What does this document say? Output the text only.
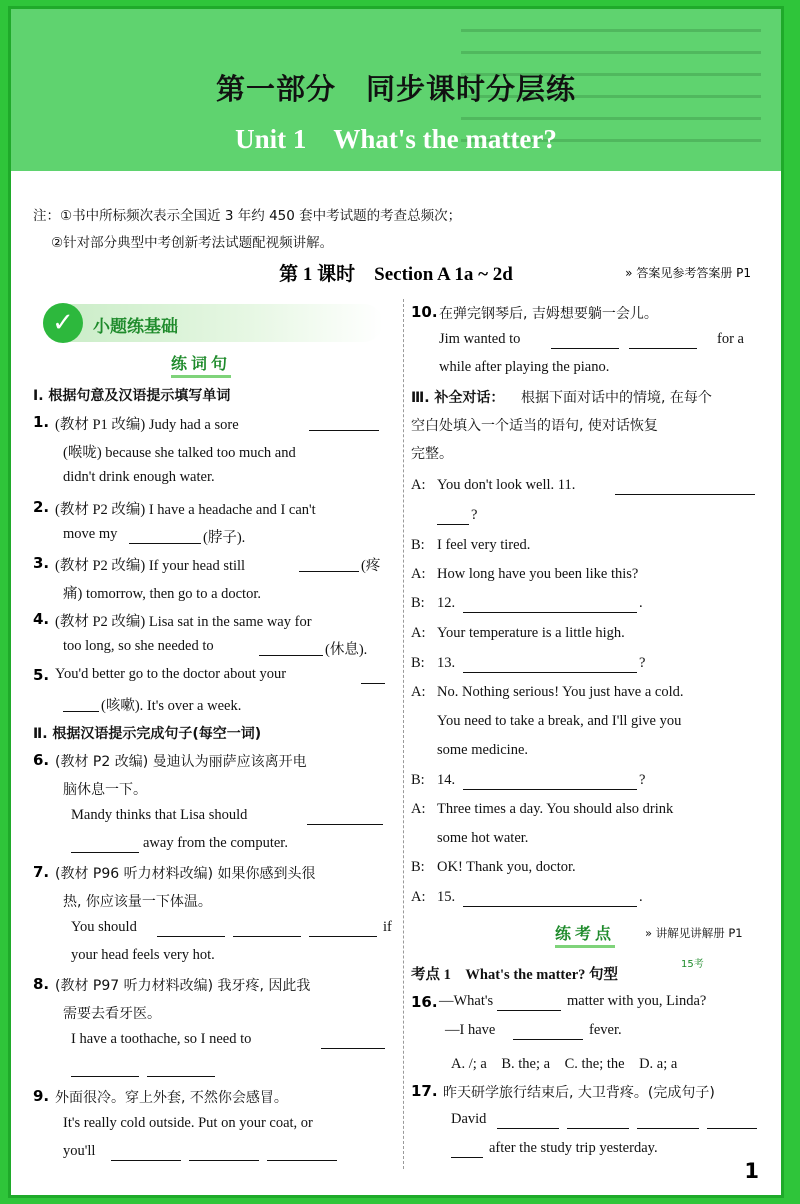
第一部分　同步课时分层练
Unit 1　What's the matter?
注：①书中所标频次表示全国近 3 年约 450 套中考试题的考查总频次；
②针对部分典型中考创新考法试题配视频讲解。
第 1 课时　Section A 1a ~ 2d	» 答案见参考答案册 P1
✓	小题练基础
练词句
Ⅰ. 根据句意及汉语提示填写单词
1. (教材 P1 改编) Judy had a sore
(喉咙) because she talked too much and
didn't drink enough water.
2. (教材 P2 改编) I have a headache and I can't
move my	(脖子).
3. (教材 P2 改编) If your head still	(疼
痛) tomorrow, then go to a doctor.
4. (教材 P2 改编) Lisa sat in the same way for
too long, so she needed to	(休息).
5. You'd better go to the doctor about your
(咳嗽). It's over a week.
Ⅱ. 根据汉语提示完成句子(每空一词)
6. (教材 P2 改编) 曼迪认为丽萨应该离开电
脑休息一下。
Mandy thinks that Lisa should
away from the computer.
7. (教材 P96 听力材料改编) 如果你感到头很
热, 你应该量一下体温。
You should	if
your head feels very hot.
8. (教材 P97 听力材料改编) 我牙疼, 因此我
需要去看牙医。
I have a toothache, so I need to
9. 外面很冷。穿上外套, 不然你会感冒。
It's really cold outside. Put on your coat, or
you'll
10. 在弹完钢琴后, 吉姆想要躺一会儿。
Jim wanted to	for a
while after playing the piano.
Ⅲ. 补全对话： 根据下面对话中的情境, 在每个
空白处填入一个适当的语句, 使对话恢复
完整。
A: You don't look well. 11.
?
B: I feel very tired.
A: How long have you been like this?
B: 12.	.
A: Your temperature is a little high.
B: 13.	?
A: No. Nothing serious! You just have a cold.
You need to take a break, and I'll give you
some medicine.
B: 14.	?
A: Three times a day. You should also drink
some hot water.
B: OK! Thank you, doctor.
A: 15.	.
练考点	» 讲解见讲解册 P1
考点 1　What's the matter? 句型
15考
16. —What's	matter with you, Linda?
—I have	fever.
A. /; a　B. the; a　C. the; the　D. a; a
17. 昨天研学旅行结束后, 大卫背疼。(完成句子)
David
after the study trip yesterday.
1
